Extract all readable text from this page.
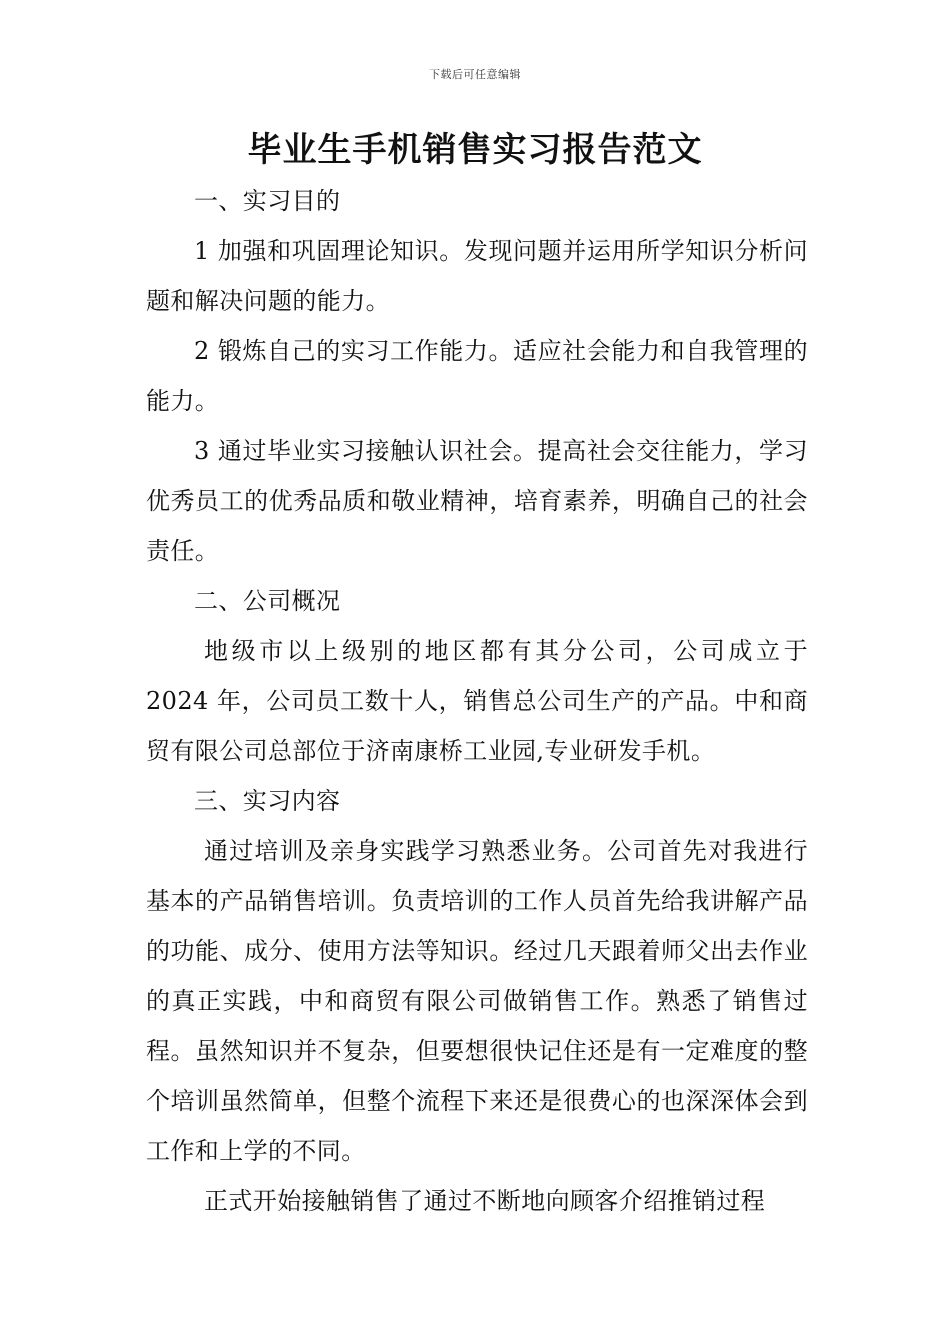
下载后可任意编辑
毕业生手机销售实习报告范文

一、实习目的

1 加强和巩固理论知识。发现问题并运用所学知识分析问题和解决问题的能力。

2 锻炼自己的实习工作能力。适应社会能力和自我管理的能力。

3 通过毕业实习接触认识社会。提高社会交往能力，学习优秀员工的优秀品质和敬业精神，培育素养，明确自己的社会责任。

二、公司概况

地级市以上级别的地区都有其分公司，公司成立于 2024 年，公司员工数十人，销售总公司生产的产品。中和商贸有限公司总部位于济南康桥工业园,专业研发手机。

三、实习内容

通过培训及亲身实践学习熟悉业务。公司首先对我进行基本的产品销售培训。负责培训的工作人员首先给我讲解产品的功能、成分、使用方法等知识。经过几天跟着师父出去作业的真正实践，中和商贸有限公司做销售工作。熟悉了销售过程。虽然知识并不复杂，但要想很快记住还是有一定难度的整个培训虽然简单，但整个流程下来还是很费心的也深深体会到工作和上学的不同。

正式开始接触销售了通过不断地向顾客介绍推销过程
